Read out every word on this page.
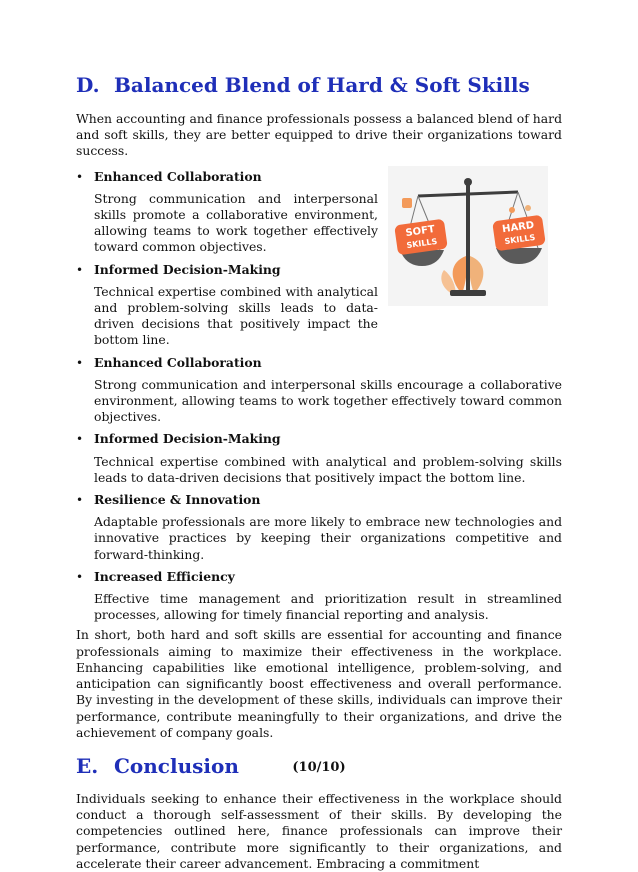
D. Balanced Blend of Hard & Soft Skills

When accounting and finance professionals possess a balanced blend of hard and soft skills, they are better equipped to drive their organizations toward success.

• Enhanced Collaboration

Strong communication and interpersonal skills promote a collaborative environment, allowing teams to work together effectively toward common objectives.

• Informed Decision-Making

Technical expertise combined with analytical and problem-solving skills leads to data-driven decisions that positively impact the bottom line.

SOFT
SKILLS
HARD
SKILLS
• Enhanced Collaboration

Strong communication and interpersonal skills encourage a collaborative environment, allowing teams to work together effectively toward common objectives.

• Informed Decision-Making

Technical expertise combined with analytical and problem-solving skills leads to data-driven decisions that positively impact the bottom line.

• Resilience & Innovation

Adaptable professionals are more likely to embrace new technologies and innovative practices by keeping their organizations competitive and forward-thinking.

• Increased Efficiency

Effective time management and prioritization result in streamlined processes, allowing for timely financial reporting and analysis.

In short, both hard and soft skills are essential for accounting and finance professionals aiming to maximize their effectiveness in the workplace. Enhancing capabilities like emotional intelligence, problem-solving, and anticipation can significantly boost effectiveness and overall performance. By investing in the development of these skills, individuals can improve their performance, contribute meaningfully to their organizations, and drive the achievement of company goals.

E. Conclusion

Individuals seeking to enhance their effectiveness in the workplace should conduct a thorough self-assessment of their skills. By developing the competencies outlined here, finance professionals can improve their performance, contribute more significantly to their organizations, and accelerate their career advancement. Embracing a commitment

(10/10)
